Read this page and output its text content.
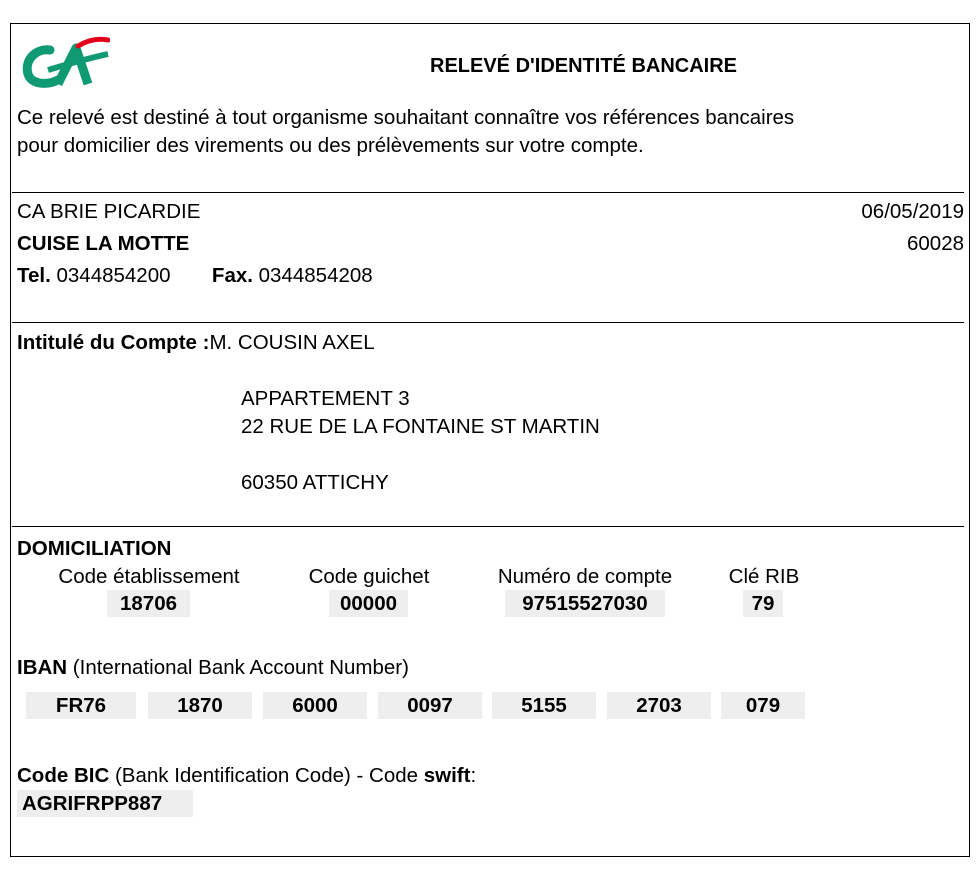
RELEVÉ D'IDENTITÉ BANCAIRE
Ce relevé est destiné à tout organisme souhaitant connaître vos références bancaires
pour domicilier des virements ou des prélèvements sur votre compte.
CA BRIE PICARDIE
CUISE LA MOTTE
Tel. 0344854200 Fax. 0344854208
06/05/2019
60028
Intitulé du Compte :M. COUSIN AXEL
APPARTEMENT 3
22 RUE DE LA FONTAINE ST MARTIN
60350 ATTICHY
DOMICILIATION
Code établissement	Code guichet	Numéro de compte	Clé RIB
18706	00000	97515527030	79
IBAN (International Bank Account Number)
FR76	1870	6000	0097	5155	2703	079
Code BIC (Bank Identification Code) - Code swift:
AGRIFRPP887
